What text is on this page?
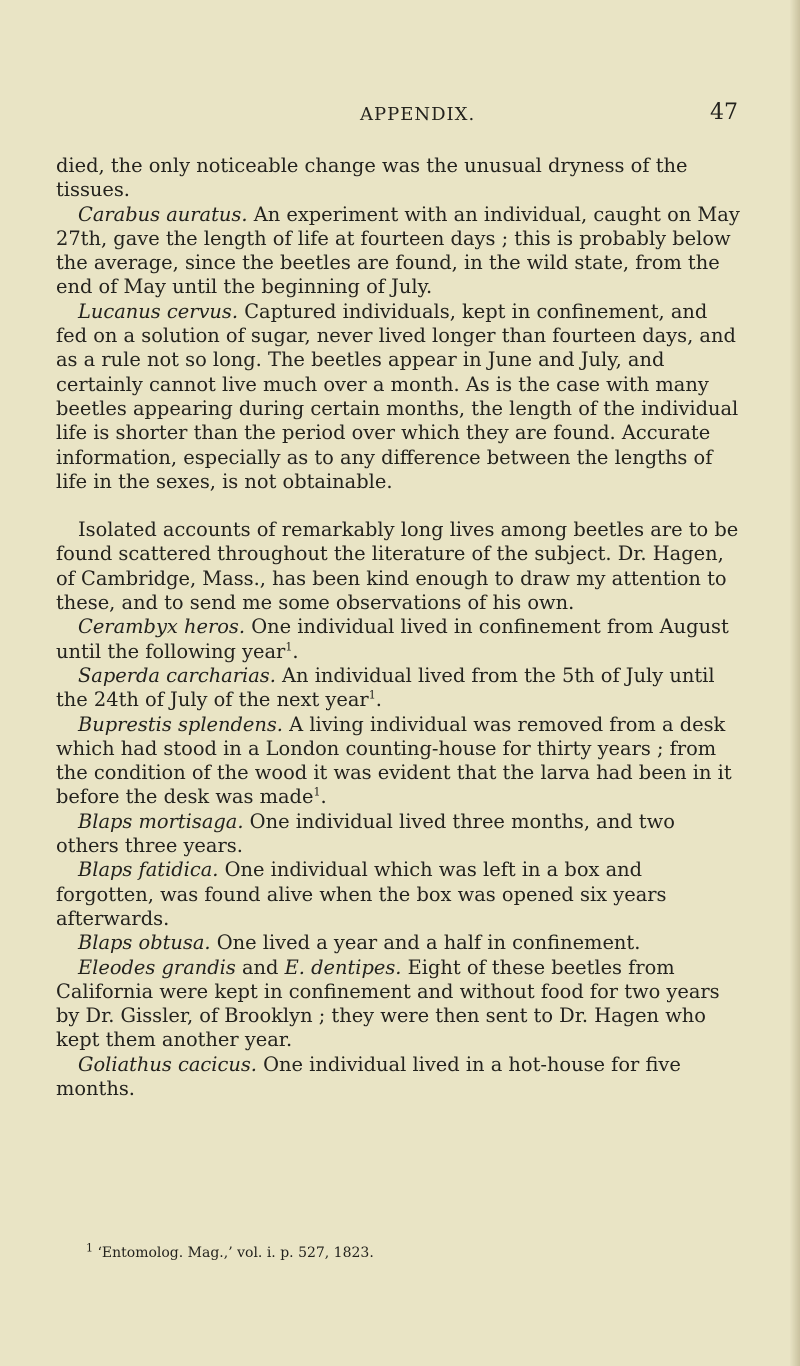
APPENDIX.	47

died, the only noticeable change was the unusual dryness of the tissues.

Carabus auratus. An experiment with an individual, caught on May 27th, gave the length of life at fourteen days ; this is probably below the average, since the beetles are found, in the wild state, from the end of May until the beginning of July.

Lucanus cervus. Captured individuals, kept in confinement, and fed on a solution of sugar, never lived longer than fourteen days, and as a rule not so long. The beetles appear in June and July, and certainly cannot live much over a month. As is the case with many beetles appearing during certain months, the length of the individual life is shorter than the period over which they are found. Accurate information, especially as to any difference between the lengths of life in the sexes, is not obtainable.

Isolated accounts of remarkably long lives among beetles are to be found scattered throughout the literature of the subject. Dr. Hagen, of Cambridge, Mass., has been kind enough to draw my attention to these, and to send me some observations of his own.

Cerambyx heros. One individual lived in confinement from August until the following year$^1$.

Saperda carcharias. An individual lived from the 5th of July until the 24th of July of the next year$^1$.

Buprestis splendens. A living individual was removed from a desk which had stood in a London counting-house for thirty years ; from the condition of the wood it was evident that the larva had been in it before the desk was made$^1$.

Blaps mortisaga. One individual lived three months, and two others three years.

Blaps fatidica. One individual which was left in a box and forgotten, was found alive when the box was opened six years afterwards.

Blaps obtusa. One lived a year and a half in confinement.

Eleodes grandis and E. dentipes. Eight of these beetles from California were kept in confinement and without food for two years by Dr. Gissler, of Brooklyn ; they were then sent to Dr. Hagen who kept them another year.

Goliathus cacicus. One individual lived in a hot-house for five months.

$^1$ ‘Entomolog. Mag.,’ vol. i. p. 527, 1823.
